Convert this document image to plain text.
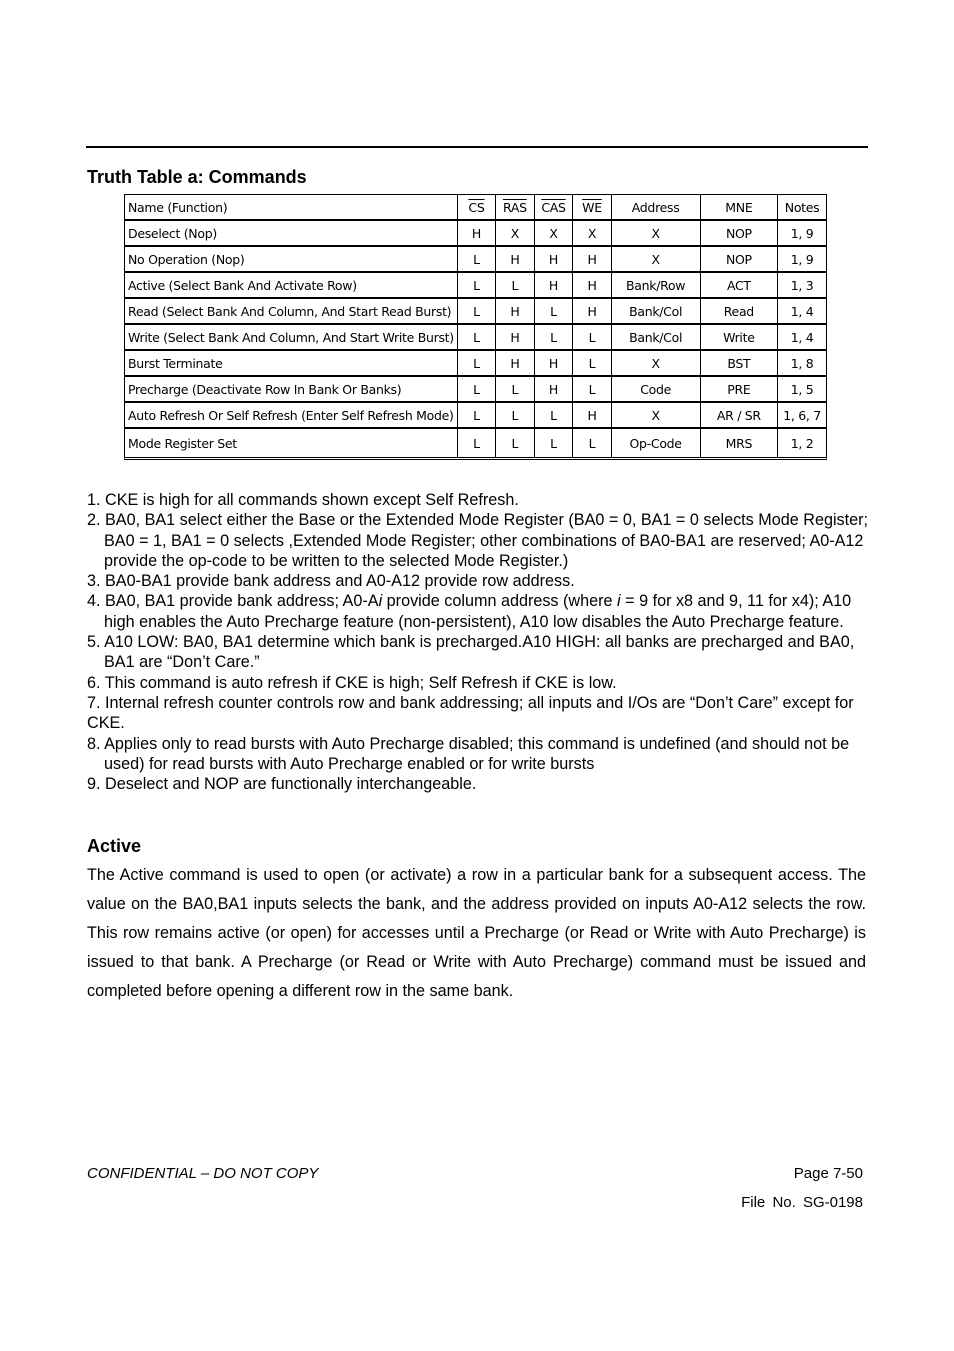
Truth Table a: Commands
Name (Function)	$\overline{CS}$	$\overline{RAS}$	$\overline{CAS}$	$\overline{WE}$	Address	MNE	Notes
Deselect (Nop)	H	X	X	X	X	NOP	1, 9
No Operation (Nop)	L	H	H	H	X	NOP	1, 9
Active (Select Bank And Activate Row)	L	L	H	H	Bank/Row	ACT	1, 3
Read (Select Bank And Column, And Start Read Burst)	L	H	L	H	Bank/Col	Read	1, 4
Write (Select Bank And Column, And Start Write Burst)	L	H	L	L	Bank/Col	Write	1, 4
Burst Terminate	L	H	H	L	X	BST	1, 8
Precharge (Deactivate Row In Bank Or Banks)	L	L	H	L	Code	PRE	1, 5
Auto Refresh Or Self Refresh (Enter Self Refresh Mode)	L	L	L	H	X	AR / SR	1, 6, 7
Mode Register Set	L	L	L	L	Op-Code	MRS	1, 2
1. CKE is high for all commands shown except Self Refresh.
2. BA0, BA1 select either the Base or the Extended Mode Register (BA0 = 0, BA1 = 0 selects Mode Register; BA0 = 1, BA1 = 0 selects ,Extended Mode Register; other combinations of BA0-BA1 are reserved; A0-A12 provide the op-code to be written to the selected Mode Register.)
3. BA0-BA1 provide bank address and A0-A12 provide row address.
4. BA0, BA1 provide bank address; A0-Ai provide column address (where i = 9 for x8 and 9, 11 for x4); A10 high enables the Auto Precharge feature (non-persistent), A10 low disables the Auto Precharge feature.
5. A10 LOW: BA0, BA1 determine which bank is precharged.A10 HIGH: all banks are precharged and BA0, BA1 are “Don’t Care.”
6. This command is auto refresh if CKE is high; Self Refresh if CKE is low.
7. Internal refresh counter controls row and bank addressing; all inputs and I/Os are “Don’t Care” except for CKE.
8. Applies only to read bursts with Auto Precharge disabled; this command is undefined (and should not be used) for read bursts with Auto Precharge enabled or for write bursts
9. Deselect and NOP are functionally interchangeable.
Active

The Active command is used to open (or activate) a row in a particular bank for a subsequent access. The value on the BA0,BA1 inputs selects the bank, and the address provided on inputs A0-A12 selects the row. This row remains active (or open) for accesses until a Precharge (or Read or Write with Auto Precharge) is issued to that bank. A Precharge (or Read or Write with Auto Precharge) command must be issued and completed before opening a different row in the same bank.

CONFIDENTIAL – DO NOT COPY	Page 7-50
File No. SG-0198
